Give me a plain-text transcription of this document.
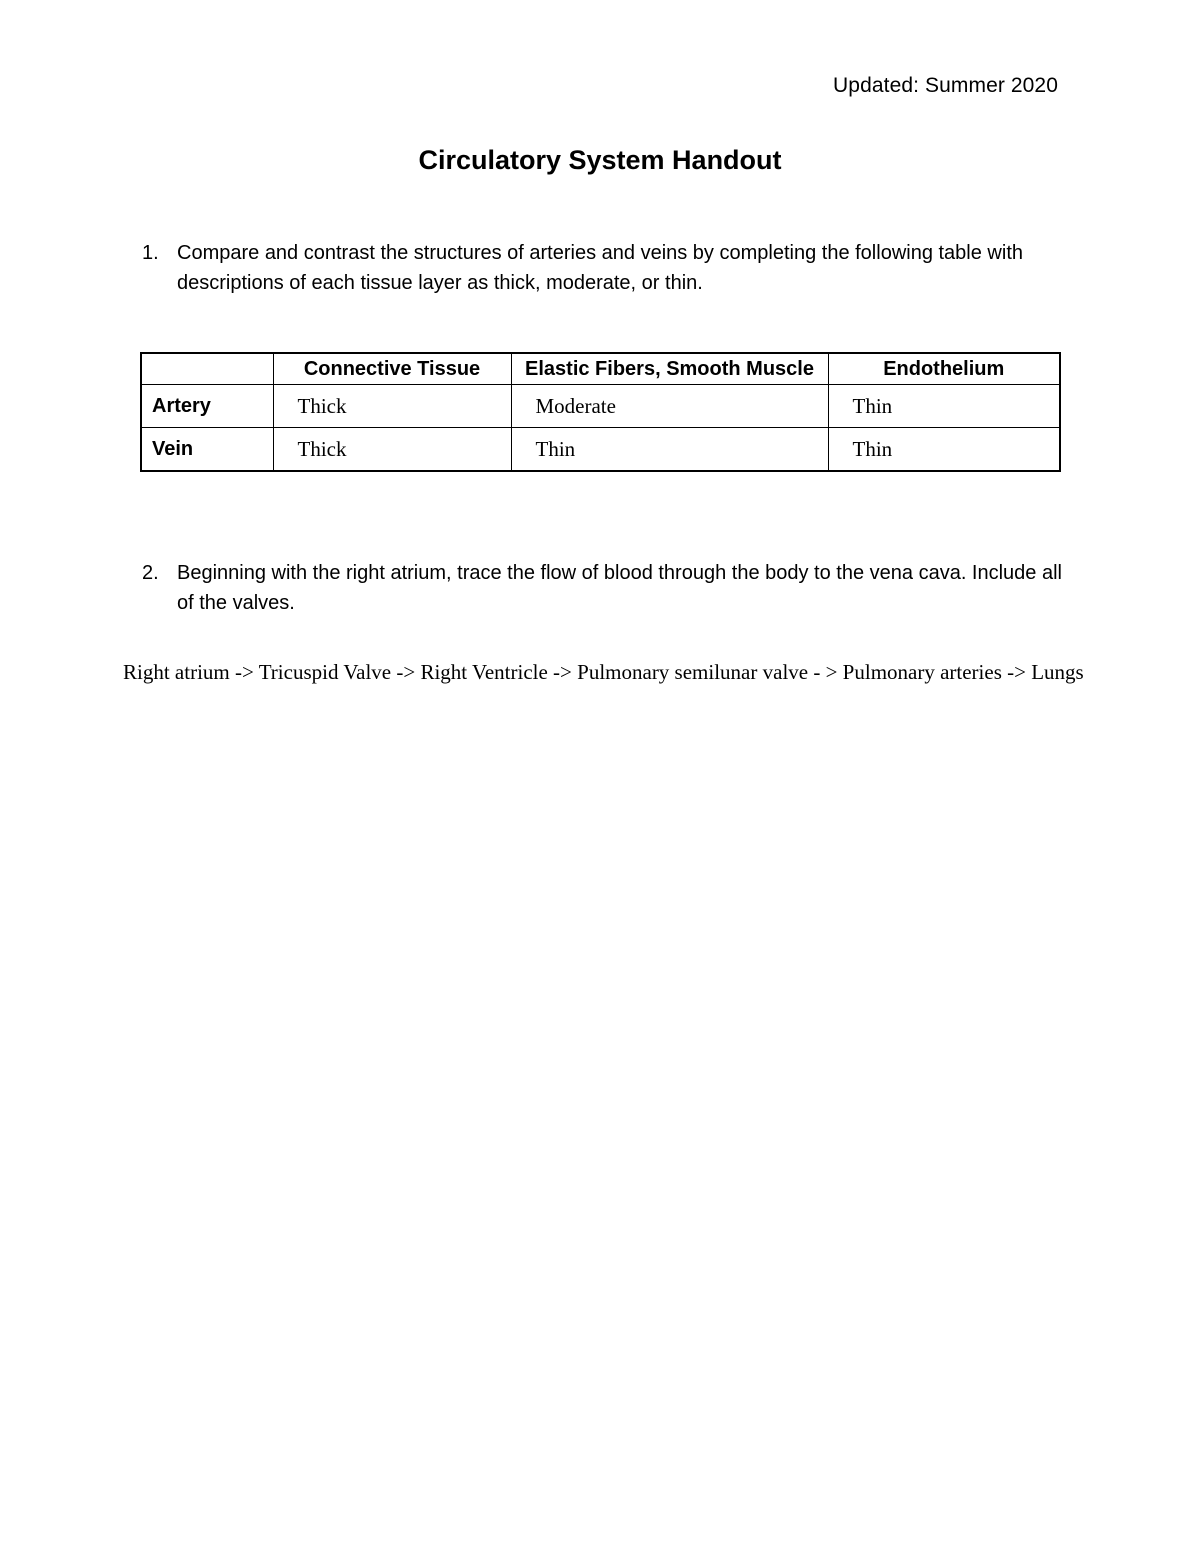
Updated: Summer 2020
Circulatory System Handout
1. Compare and contrast the structures of arteries and veins by completing the following table with descriptions of each tissue layer as thick, moderate, or thin.
	Connective Tissue	Elastic Fibers, Smooth Muscle	Endothelium
Artery	Thick	Moderate	Thin
Vein	Thick	Thin	Thin
2. Beginning with the right atrium, trace the flow of blood through the body to the vena cava. Include all of the valves.
Right atrium -> Tricuspid Valve -> Right Ventricle -> Pulmonary semilunar valve - > Pulmonary arteries -> Lungs
